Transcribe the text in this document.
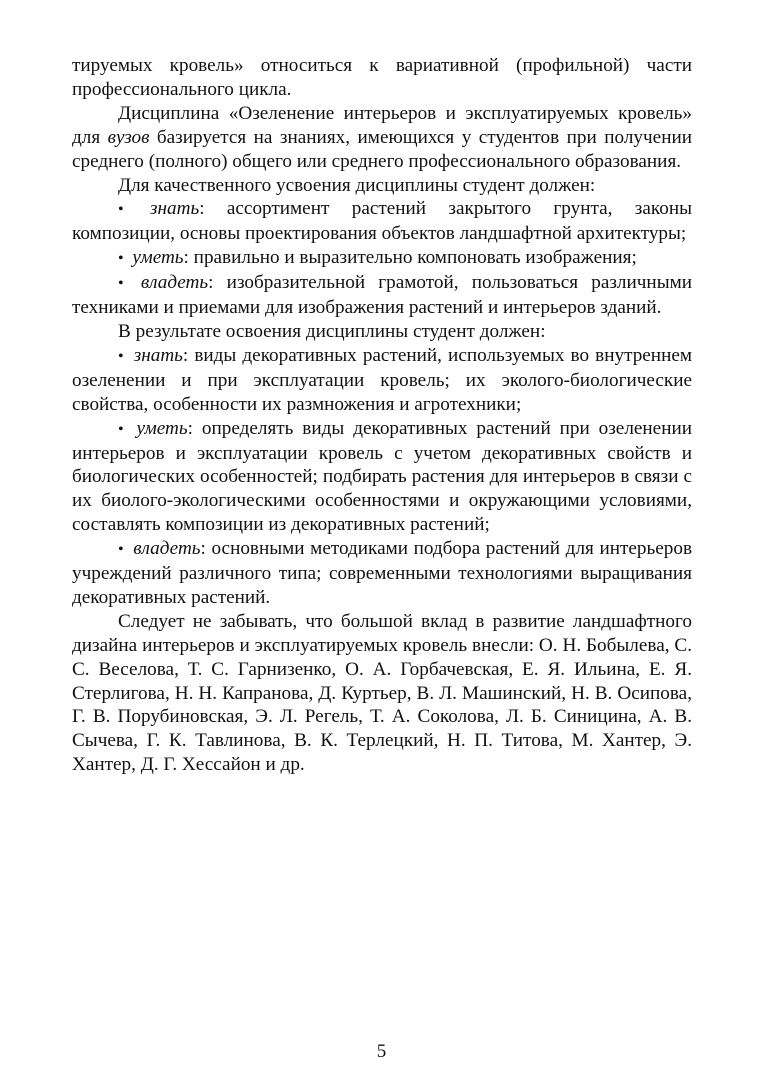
тируемых кровель» относиться к вариативной (профильной) части профессионального цикла.

Дисциплина «Озеленение интерьеров и эксплуатируемых кровель» для вузов базируется на знаниях, имеющихся у студентов при получении среднего (полного) общего или среднего профессионального образования.

Для качественного усвоения дисциплины студент должен:

• знать: ассортимент растений закрытого грунта, законы композиции, основы проектирования объектов ландшафтной архитектуры;

• уметь: правильно и выразительно компоновать изображения;

• владеть: изобразительной грамотой, пользоваться различными техниками и приемами для изображения растений и интерьеров зданий.

В результате освоения дисциплины студент должен:

• знать: виды декоративных растений, используемых во внутреннем озеленении и при эксплуатации кровель; их эколого-биологические свойства, особенности их размножения и агротехники;

• уметь: определять виды декоративных растений при озеленении интерьеров и эксплуатации кровель с учетом декоративных свойств и биологических особенностей; подбирать растения для интерьеров в связи с их биолого-экологическими особенностями и окружающими условиями, составлять композиции из декоративных растений;

• владеть: основными методиками подбора растений для интерьеров учреждений различного типа; современными технологиями выращивания декоративных растений.

Следует не забывать, что большой вклад в развитие ландшафтного дизайна интерьеров и эксплуатируемых кровель внесли: О. Н. Бобылева, С. С. Веселова, Т. С. Гарнизенко, О. А. Горбачевская, Е. Я. Ильина, Е. Я. Стерлигова, Н. Н. Капранова, Д. Куртьер, В. Л. Машинский, Н. В. Осипова, Г. В. Порубиновская, Э. Л. Регель, Т. А. Соколова, Л. Б. Синицина, А. В. Сычева, Г. К. Тавлинова, В. К. Терлецкий, Н. П. Титова, М. Хантер, Э. Хантер, Д. Г. Хессайон и др.

5
